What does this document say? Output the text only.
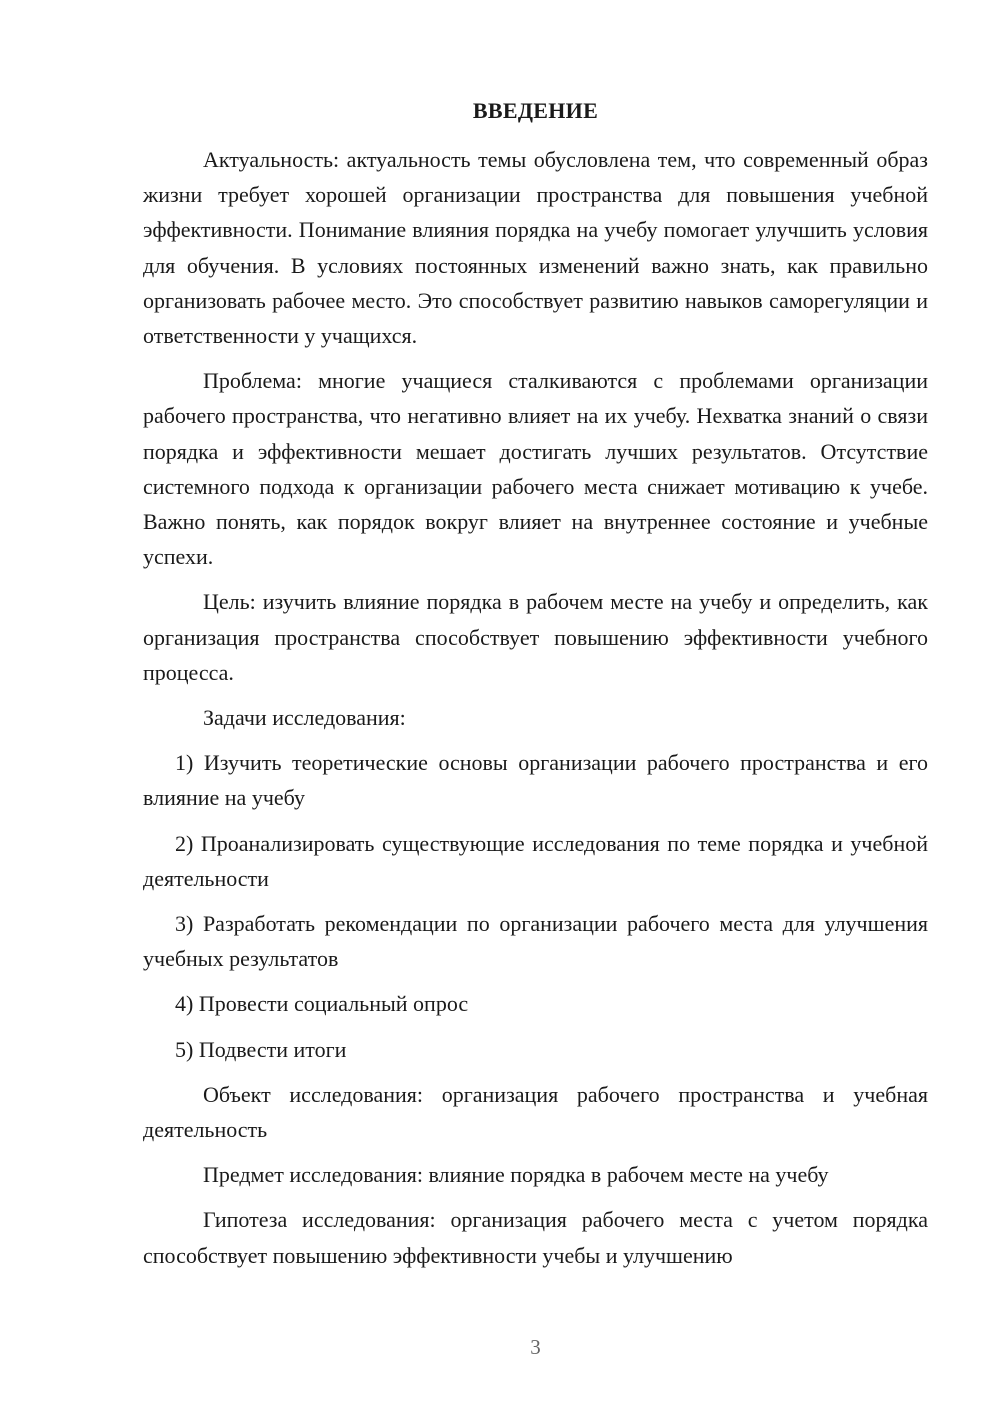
ВВЕДЕНИЕ

Актуальность: актуальность темы обусловлена тем, что современный образ жизни требует хорошей организации пространства для повышения учебной эффективности. Понимание влияния порядка на учебу помогает улучшить условия для обучения. В условиях постоянных изменений важно знать, как правильно организовать рабочее место. Это способствует развитию навыков саморегуляции и ответственности у учащихся.

Проблема: многие учащиеся сталкиваются с проблемами организации рабочего пространства, что негативно влияет на их учебу. Нехватка знаний о связи порядка и эффективности мешает достигать лучших результатов. Отсутствие системного подхода к организации рабочего места снижает мотивацию к учебе. Важно понять, как порядок вокруг влияет на внутреннее состояние и учебные успехи.

Цель: изучить влияние порядка в рабочем месте на учебу и определить, как организация пространства способствует повышению эффективности учебного процесса.

Задачи исследования:

1) Изучить теоретические основы организации рабочего пространства и его влияние на учебу

2) Проанализировать существующие исследования по теме порядка и учебной деятельности

3) Разработать рекомендации по организации рабочего места для улучшения учебных результатов

4) Провести социальный опрос

5) Подвести итоги

Объект исследования: организация рабочего пространства и учебная деятельность

Предмет исследования: влияние порядка в рабочем месте на учебу

Гипотеза исследования: организация рабочего места с учетом порядка способствует повышению эффективности учебы и улучшению

3
